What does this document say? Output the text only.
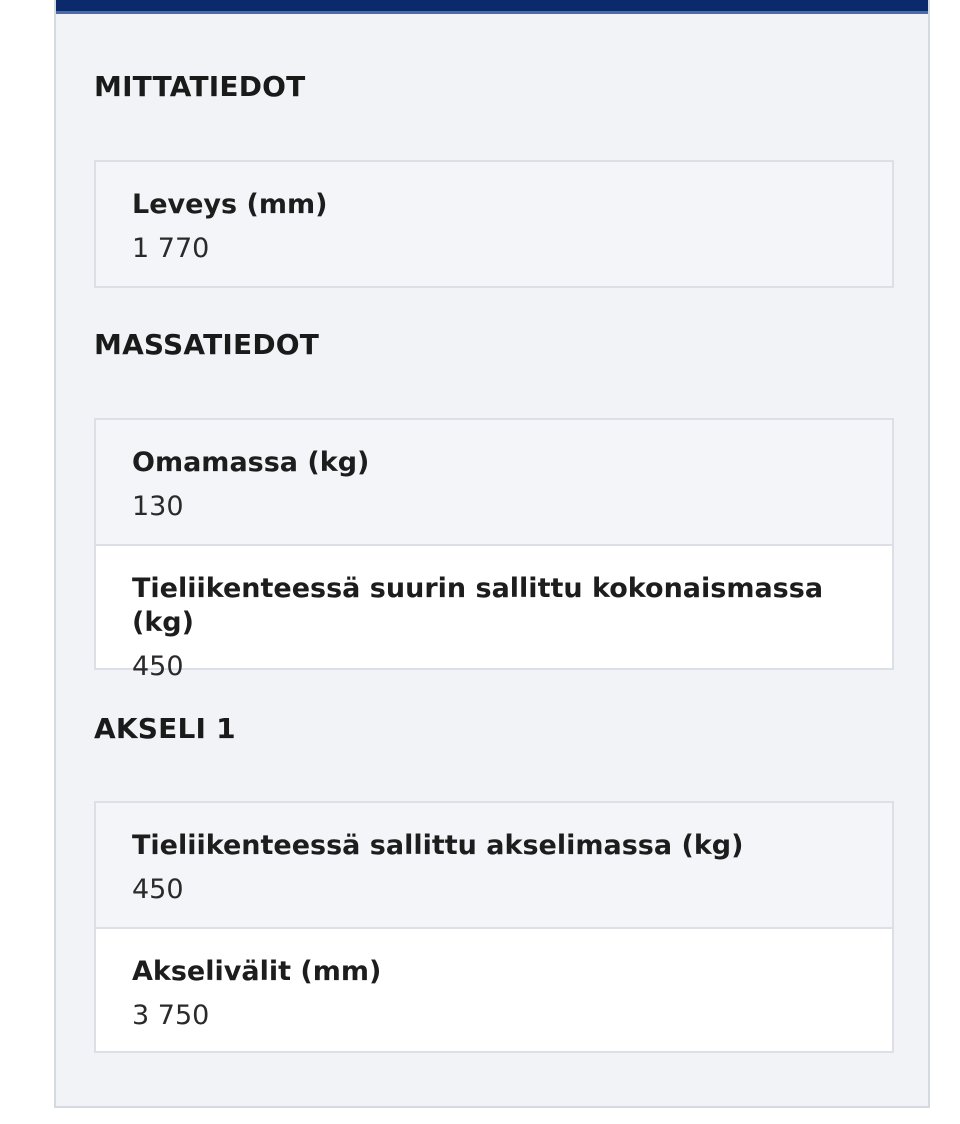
MITTATIEDOT
Leveys (mm)
1 770
MASSATIEDOT
Omamassa (kg)
130
Tieliikenteessä suurin sallittu kokonaismassa (kg)
450
AKSELI 1
Tieliikenteessä sallittu akselimassa (kg)
450
Akselivälit (mm)
3 750
